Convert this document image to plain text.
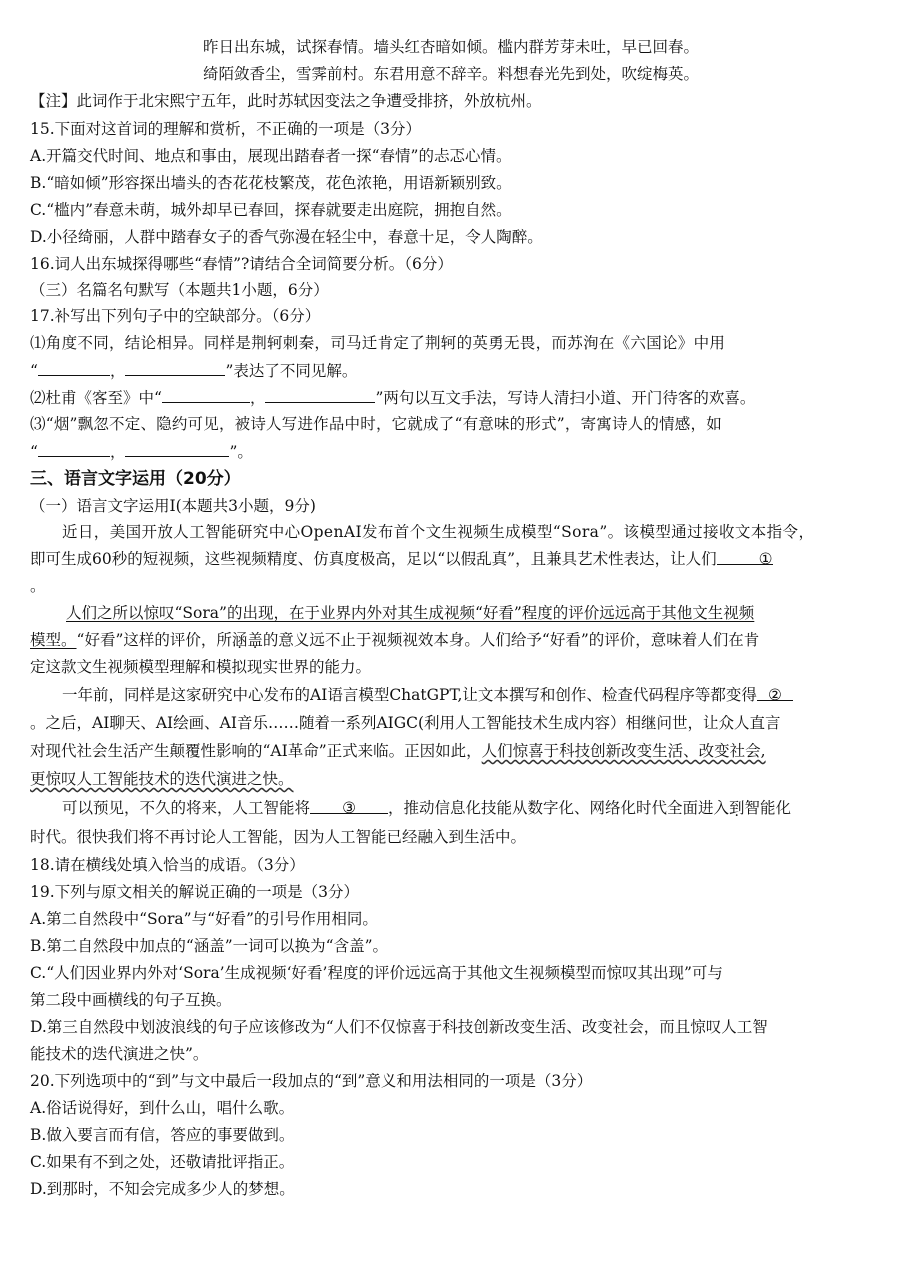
昨日出东城，试探春情。墙头红杏暗如倾。槛内群芳芽未吐，早已回春。
绮陌敛香尘，雪霁前村。东君用意不辞辛。料想春光先到处，吹绽梅英。
【注】此词作于北宋熙宁五年，此时苏轼因变法之争遭受排挤，外放杭州。
15.下面对这首词的理解和赏析，不正确的一项是（3分）
A.开篇交代时间、地点和事由，展现出踏春者一探“春情”的忐忑心情。
B.“暗如倾”形容探出墙头的杏花花枝繁茂，花色浓艳，用语新颖别致。
C.“槛内”春意未萌，城外却早已春回，探春就要走出庭院，拥抱自然。
D.小径绮丽，人群中踏春女子的香气弥漫在轻尘中，春意十足，令人陶醉。
16.词人出东城探得哪些“春情”?请结合全词简要分析。（6分）
（三）名篇名句默写（本题共1小题，6分）
17.补写出下列句子中的空缺部分。（6分）
⑴角度不同，结论相异。同样是荆轲刺秦，司马迁肯定了荆轲的英勇无畏，而苏洵在《六国论》中用
“	，	”表达了不同见解。
⑵杜甫《客至》中“	，	”两句以互文手法，写诗人清扫小道、开门待客的欢喜。
⑶“烟”飘忽不定、隐约可见，被诗人写进作品中时，它就成了“有意味的形式”，寄寓诗人的情感，如
“	，	”。
三、语言文字运用（20分）
（一）语言文字运用Ⅰ(本题共3小题，9分)
近日，美国开放人工智能研究中心OpenAI发布首个文生视频生成模型“Sora”。该模型通过接收文本指令，
即可生成60秒的短视频，这些视频精度、仿真度极高，足以“以假乱真”，且兼具艺术性表达，让人们	①
。
人们之所以惊叹“Sora”的出现，在于业界内外对其生成视频“好看”程度的评价远远高于其他文生视频
模型。“好看”这样的评价，所涵盖的意义远不止于视频视效本身。人们给予“好看”的评价，意味着人们在肯
定这款文生视频模型理解和模拟现实世界的能力。
一年前，同样是这家研究中心发布的AI语言模型ChatGPT,让文本撰写和创作、检查代码程序等都变得 ②
。之后，AI聊天、AI绘画、AI音乐……随着一系列AIGC(利用人工智能技术生成内容）相继问世，让众人直言
对现代社会生活产生颠覆性影响的“AI革命”正式来临。正因如此，人们惊喜于科技创新改变生活、改变社会,
更惊叹人工智能技术的迭代演进之快。
可以预见，不久的将来，人工智能将 ③ ，推动信息化技能从数字化、网络化时代全面进入到智能化
时代。很快我们将不再讨论人工智能，因为人工智能已经融入到生活中。
18.请在横线处填入恰当的成语。（3分）
19.下列与原文相关的解说正确的一项是（3分）
A.第二自然段中“Sora”与“好看”的引号作用相同。
B.第二自然段中加点的“涵盖”一词可以换为“含盖”。
C.“人们因业界内外对‘Sora’生成视频‘好看’程度的评价远远高于其他文生视频模型而惊叹其出现”可与
第二段中画横线的句子互换。
D.第三自然段中划波浪线的句子应该修改为“人们不仅惊喜于科技创新改变生活、改变社会，而且惊叹人工智
能技术的迭代演进之快”。
20.下列选项中的“到”与文中最后一段加点的“到”意义和用法相同的一项是（3分）
A.俗话说得好，到什么山，唱什么歌。
B.做入要言而有信，答应的事要做到。
C.如果有不到之处，还敬请批评指正。
D.到那时，不知会完成多少人的梦想。
